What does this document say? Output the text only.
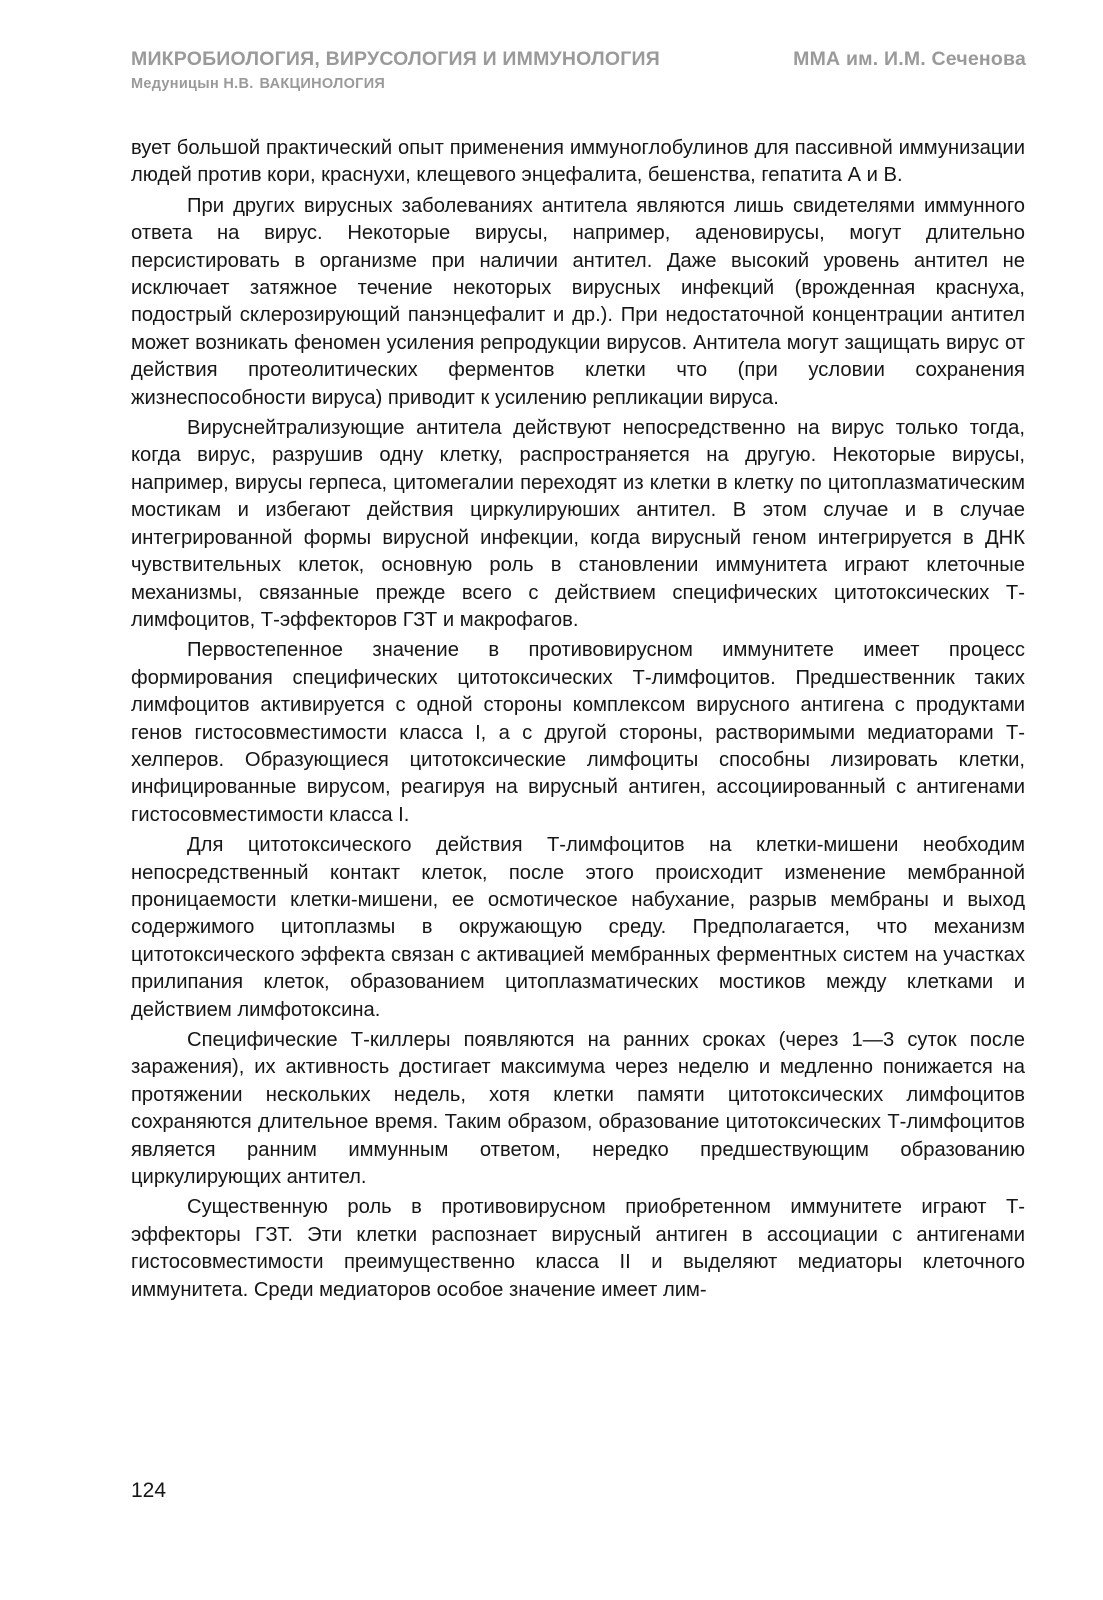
МИКРОБИОЛОГИЯ, ВИРУСОЛОГИЯ И ИММУНОЛОГИЯ	ММА им. И.М. Сеченова
Медуницын Н.В. ВАКЦИНОЛОГИЯ

вует большой практический опыт применения иммуноглобулинов для пассивной иммунизации людей против кори, краснухи, клещевого энцефалита, бешенства, гепатита А и В.

При других вирусных заболеваниях антитела являются лишь свидетелями иммунного ответа на вирус. Некоторые вирусы, например, аденовирусы, могут длительно персистировать в организме при наличии антител. Даже высокий уровень антител не исключает затяжное течение некоторых вирусных инфекций (врожденная краснуха, подострый склерозирующий панэнцефалит и др.). При недостаточной концентрации антител может возникать феномен усиления репродукции вирусов. Антитела могут защищать вирус от действия протеолитических ферментов клетки что (при условии сохранения жизнеспособности вируса) приводит к усилению репликации вируса.

Вируснейтрализующие антитела действуют непосредственно на вирус только тогда, когда вирус, разрушив одну клетку, распространяется на другую. Некоторые вирусы, например, вирусы герпеса, цитомегалии переходят из клетки в клетку по цитоплазматическим мостикам и избегают действия циркулируюших антител. В этом случае и в случае интегрированной формы вирусной инфекции, когда вирусный геном интегрируется в ДНК чувствительных клеток, основную роль в становлении иммунитета играют клеточные механизмы, связанные прежде всего с действием специфических цитотоксических Т-лимфоцитов, Т-эффекторов ГЗТ и макрофагов.

Первостепенное значение в противовирусном иммунитете имеет процесс формирования специфических цитотоксических Т-лимфоцитов. Предшественник таких лимфоцитов активируется с одной стороны комплексом вирусного антигена с продуктами генов гистосовместимости класса I, а с другой стороны, растворимыми медиаторами Т-хелперов. Образующиеся цитотоксические лимфоциты способны лизировать клетки, инфицированные вирусом, реагируя на вирусный антиген, ассоциированный с антигенами гистосовместимости класса I.

Для цитотоксического действия Т-лимфоцитов на клетки-мишени необходим непосредственный контакт клеток, после этого происходит изменение мембранной проницаемости клетки-мишени, ее осмотическое набухание, разрыв мембраны и выход содержимого цитоплазмы в окружающую среду. Предполагается, что механизм цитотоксического эффекта связан с активацией мембранных ферментных систем на участках прилипания клеток, образованием цитоплазматических мостиков между клетками и действием лимфотоксина.

Специфические Т-киллеры появляются на ранних сроках (через 1—3 суток после заражения), их активность достигает максимума через неделю и медленно понижается на протяжении нескольких недель, хотя клетки памяти цитотоксических лимфоцитов сохраняются длительное время. Таким образом, образование цитотоксических Т-лимфоцитов является ранним иммунным ответом, нередко предшествующим образованию циркулирующих антител.

Существенную роль в противовирусном приобретенном иммунитете играют Т-эффекторы ГЗТ. Эти клетки распознает вирусный антиген в ассоциации с антигенами гистосовместимости преимущественно класса II и выделяют медиаторы клеточного иммунитета. Среди медиаторов особое значение имеет лим-

124
